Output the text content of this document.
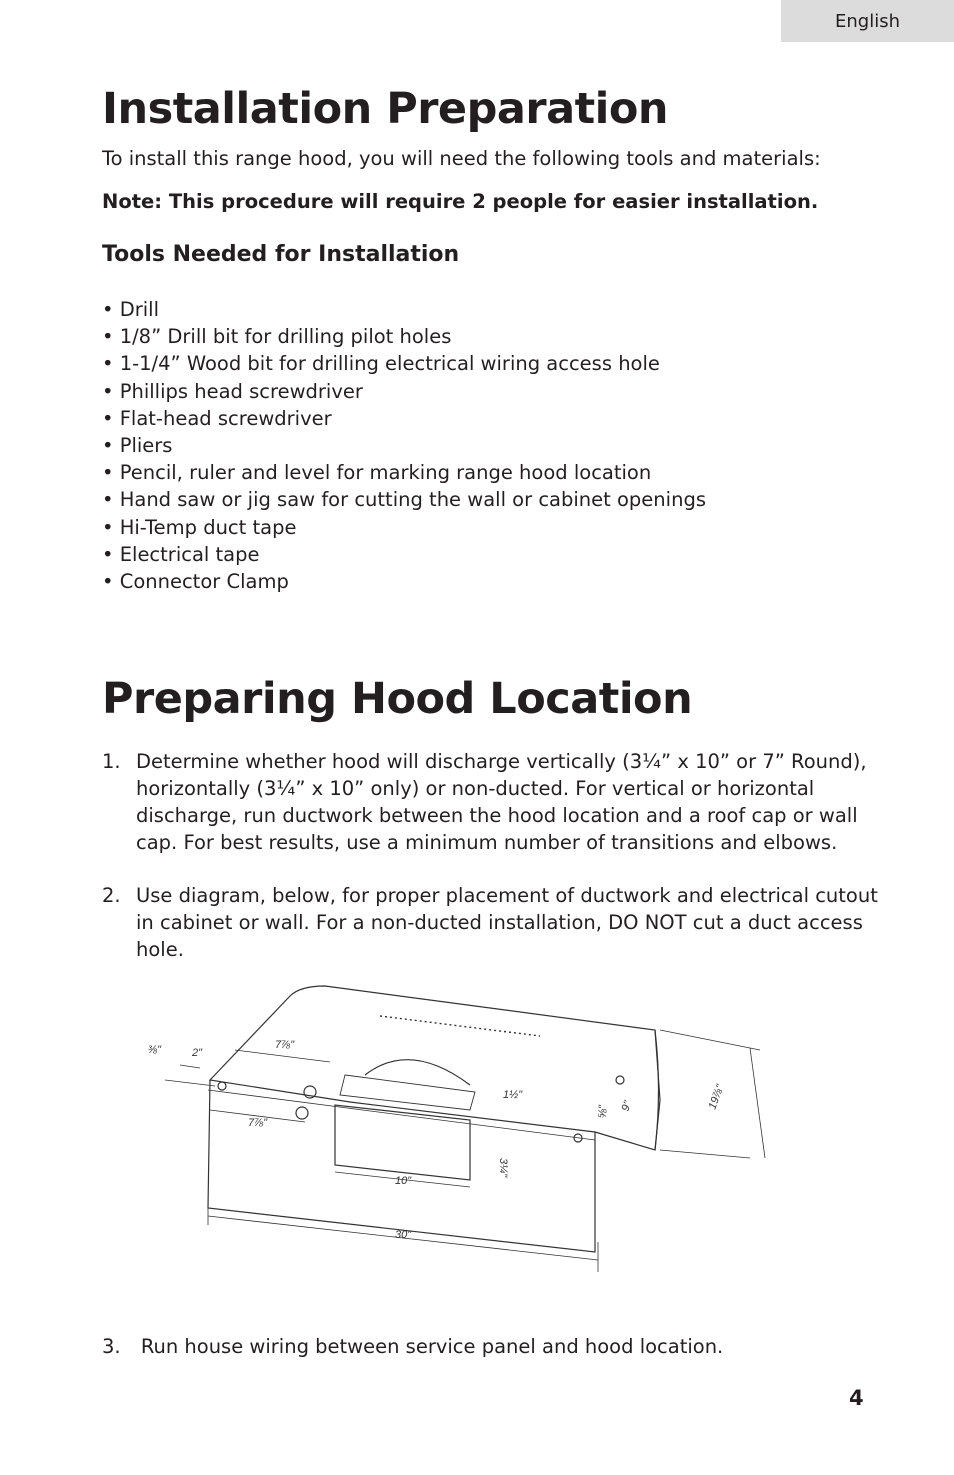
English
Installation Preparation
To install this range hood, you will need the following tools and materials:
Note: This procedure will require 2 people for easier installation.
Tools Needed for Installation
• Drill
• 1/8” Drill bit for drilling pilot holes
• 1-1/4” Wood bit for drilling electrical wiring access hole
• Phillips head screwdriver
• Flat-head screwdriver
• Pliers
• Pencil, ruler and level for marking range hood location
• Hand saw or jig saw for cutting the wall or cabinet openings
• Hi-Temp duct tape
• Electrical tape
• Connector Clamp
Preparing Hood Location
1. Determine whether hood will discharge vertically (3¼” x 10” or 7” Round), horizontally (3¼” x 10” only) or non-ducted. For vertical or horizontal discharge, run ductwork between the hood location and a roof cap or wall cap. For best results, use a minimum number of transitions and elbows.
2. Use diagram, below, for proper placement of ductwork and electrical cutout in cabinet or wall. For a non-ducted installation, DO NOT cut a duct access hole.
30"
10"
3¼"
7⅞"
7⅞"
2"
⅜"
1½"
9"
⅝"
19⅞"
3. Run house wiring between service panel and hood location.
4
